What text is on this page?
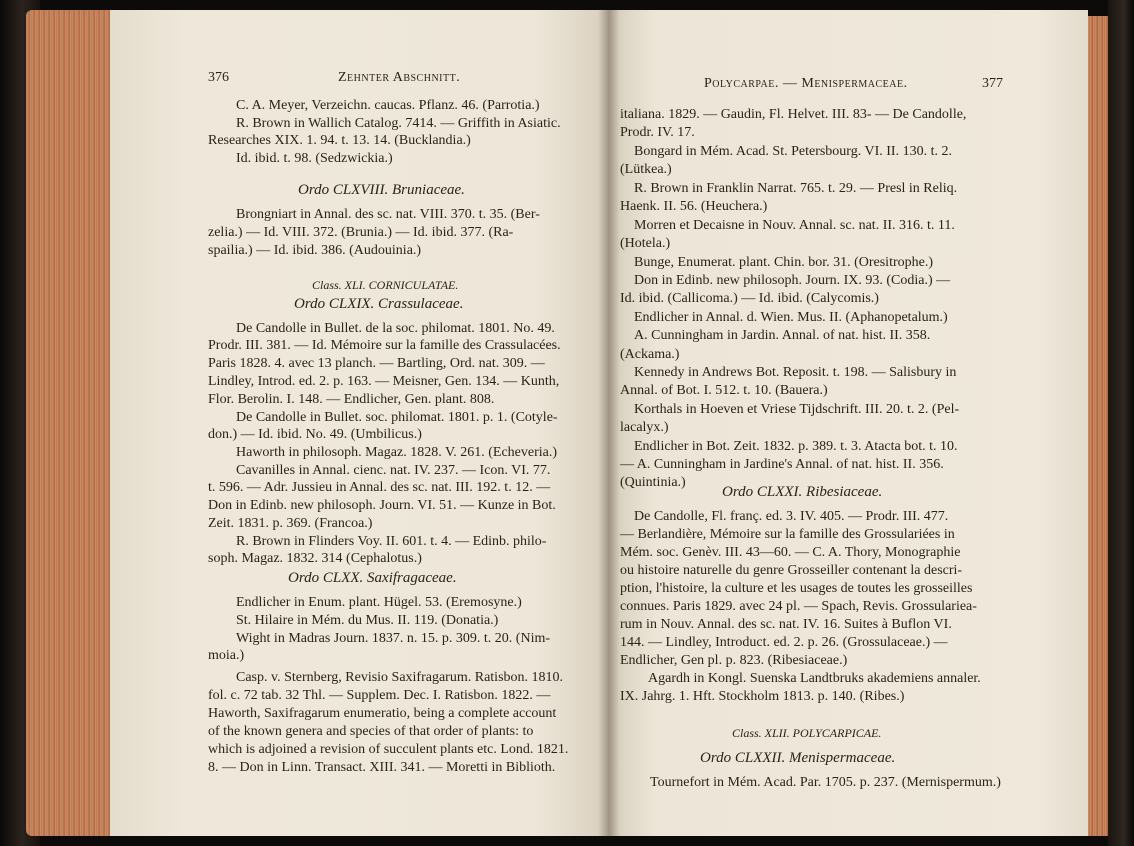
376	Zehnter Abschnitt.
C. A. Meyer, Verzeichn. caucas. Pflanz. 46. (Parrotia.)
R. Brown in Wallich Catalog. 7414. — Griffith in Asiatic.
Researches XIX. 1. 94. t. 13. 14. (Bucklandia.)
Id. ibid. t. 98. (Sedzwickia.)
Ordo CLXVIII. Bruniaceae.
Brongniart in Annal. des sc. nat. VIII. 370. t. 35. (Ber-
zelia.) — Id. VIII. 372. (Brunia.) — Id. ibid. 377. (Ra-
spailia.) — Id. ibid. 386. (Audouinia.)
Class. XLI. CORNICULATAE.
Ordo CLXIX. Crassulaceae.
De Candolle in Bullet. de la soc. philomat. 1801. No. 49.
Prodr. III. 381. — Id. Mémoire sur la famille des Crassulacées.
Paris 1828. 4. avec 13 planch. — Bartling, Ord. nat. 309. —
Lindley, Introd. ed. 2. p. 163. — Meisner, Gen. 134. — Kunth,
Flor. Berolin. I. 148. — Endlicher, Gen. plant. 808.
De Candolle in Bullet. soc. philomat. 1801. p. 1. (Cotyle-
don.) — Id. ibid. No. 49. (Umbilicus.)
Haworth in philosoph. Magaz. 1828. V. 261. (Echeveria.)
Cavanilles in Annal. cienc. nat. IV. 237. — Icon. VI. 77.
t. 596. — Adr. Jussieu in Annal. des sc. nat. III. 192. t. 12. —
Don in Edinb. new philosoph. Journ. VI. 51. — Kunze in Bot.
Zeit. 1831. p. 369. (Francoa.)
R. Brown in Flinders Voy. II. 601. t. 4. — Edinb. philo-
soph. Magaz. 1832. 314 (Cephalotus.)
Ordo CLXX. Saxifragaceae.
Endlicher in Enum. plant. Hügel. 53. (Eremosyne.)
St. Hilaire in Mém. du Mus. II. 119. (Donatia.)
Wight in Madras Journ. 1837. n. 15. p. 309. t. 20. (Nim-
moia.)
Casp. v. Sternberg, Revisio Saxifragarum. Ratisbon. 1810.
fol. c. 72 tab. 32 Thl. — Supplem. Dec. I. Ratisbon. 1822. —
Haworth, Saxifragarum enumeratio, being a complete account
of the known genera and species of that order of plants: to
which is adjoined a revision of succulent plants etc. Lond. 1821.
8. — Don in Linn. Transact. XIII. 341. — Moretti in Biblioth.
Polycarpae. — Menispermaceae.	377
italiana. 1829. — Gaudin, Fl. Helvet. III. 83- — De Candolle,
Prodr. IV. 17.
Bongard in Mém. Acad. St. Petersbourg. VI. II. 130. t. 2.
(Lütkea.)
R. Brown in Franklin Narrat. 765. t. 29. — Presl in Reliq.
Haenk. II. 56. (Heuchera.)
Morren et Decaisne in Nouv. Annal. sc. nat. II. 316. t. 11.
(Hotela.)
Bunge, Enumerat. plant. Chin. bor. 31. (Oresitrophe.)
Don in Edinb. new philosoph. Journ. IX. 93. (Codia.) —
Id. ibid. (Callicoma.) — Id. ibid. (Calycomis.)
Endlicher in Annal. d. Wien. Mus. II. (Aphanopetalum.)
A. Cunningham in Jardin. Annal. of nat. hist. II. 358.
(Ackama.)
Kennedy in Andrews Bot. Reposit. t. 198. — Salisbury in
Annal. of Bot. I. 512. t. 10. (Bauera.)
Korthals in Hoeven et Vriese Tijdschrift. III. 20. t. 2. (Pel-
lacalyx.)
Endlicher in Bot. Zeit. 1832. p. 389. t. 3. Atacta bot. t. 10.
— A. Cunningham in Jardine's Annal. of nat. hist. II. 356.
(Quintinia.)
Ordo CLXXI. Ribesiaceae.
De Candolle, Fl. franç. ed. 3. IV. 405. — Prodr. III. 477.
— Berlandière, Mémoire sur la famille des Grossulariées in
Mém. soc. Genèv. III. 43—60. — C. A. Thory, Monographie
ou histoire naturelle du genre Grosseiller contenant la descri-
ption, l'histoire, la culture et les usages de toutes les grosseilles
connues. Paris 1829. avec 24 pl. — Spach, Revis. Grossulariea-
rum in Nouv. Annal. des sc. nat. IV. 16. Suites à Buflon VI.
144. — Lindley, Introduct. ed. 2. p. 26. (Grossulaceae.) —
Endlicher, Gen pl. p. 823. (Ribesiaceae.)
Agardh in Kongl. Suenska Landtbruks akademiens annaler.
IX. Jahrg. 1. Hft. Stockholm 1813. p. 140. (Ribes.)
Class. XLII. POLYCARPICAE.
Ordo CLXXII. Menispermaceae.
Tournefort in Mém. Acad. Par. 1705. p. 237. (Mernispermum.)
